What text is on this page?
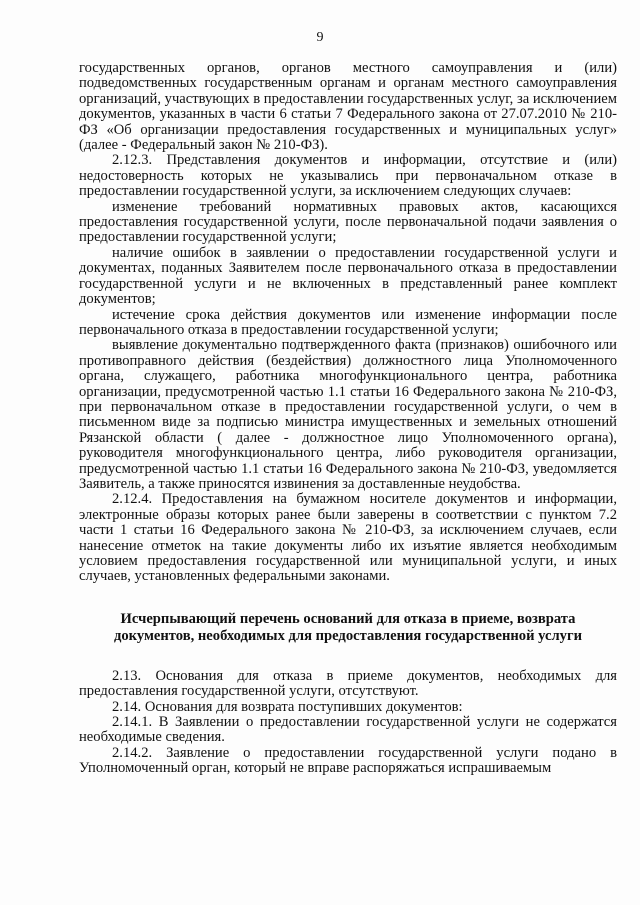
9

государственных органов, органов местного самоуправления и (или) подведомственных государственным органам и органам местного самоуправления организаций, участвующих в предоставлении государственных услуг, за исключением документов, указанных в части 6 статьи 7 Федерального закона от 27.07.2010 № 210-ФЗ «Об организации предоставления государственных и муниципальных услуг» (далее - Федеральный закон № 210-ФЗ).

2.12.3. Представления документов и информации, отсутствие и (или) недостоверность которых не указывались при первоначальном отказе в предоставлении государственной услуги, за исключением следующих случаев:

изменение требований нормативных правовых актов, касающихся предоставления государственной услуги, после первоначальной подачи заявления о предоставлении государственной услуги;

наличие ошибок в заявлении о предоставлении государственной услуги и документах, поданных Заявителем после первоначального отказа в предоставлении государственной услуги и не включенных в представленный ранее комплект документов;

истечение срока действия документов или изменение информации после первоначального отказа в предоставлении государственной услуги;

выявление документально подтвержденного факта (признаков) ошибочного или противоправного действия (бездействия) должностного лица Уполномоченного органа, служащего, работника многофункционального центра, работника организации, предусмотренной частью 1.1 статьи 16 Федерального закона № 210-ФЗ, при первоначальном отказе в предоставлении государственной услуги, о чем в письменном виде за подписью министра имущественных и земельных отношений Рязанской области ( далее - должностное лицо Уполномоченного органа), руководителя многофункционального центра, либо руководителя организации, предусмотренной частью 1.1 статьи 16 Федерального закона № 210-ФЗ, уведомляется Заявитель, а также приносятся извинения за доставленные неудобства.

2.12.4. Предоставления на бумажном носителе документов и информации, электронные образы которых ранее были заверены в соответствии с пунктом 7.2 части 1 статьи 16 Федерального закона № 210-ФЗ, за исключением случаев, если нанесение отметок на такие документы либо их изъятие является необходимым условием предоставления государственной или муниципальной услуги, и иных случаев, установленных федеральными законами.

Исчерпывающий перечень оснований для отказа в приеме, возврата
документов, необходимых для предоставления государственной услуги

2.13. Основания для отказа в приеме документов, необходимых для предоставления государственной услуги, отсутствуют.

2.14. Основания для возврата поступивших документов:

2.14.1. В Заявлении о предоставлении государственной услуги не содержатся необходимые сведения.

2.14.2. Заявление о предоставлении государственной услуги подано в Уполномоченный орган, который не вправе распоряжаться испрашиваемым
